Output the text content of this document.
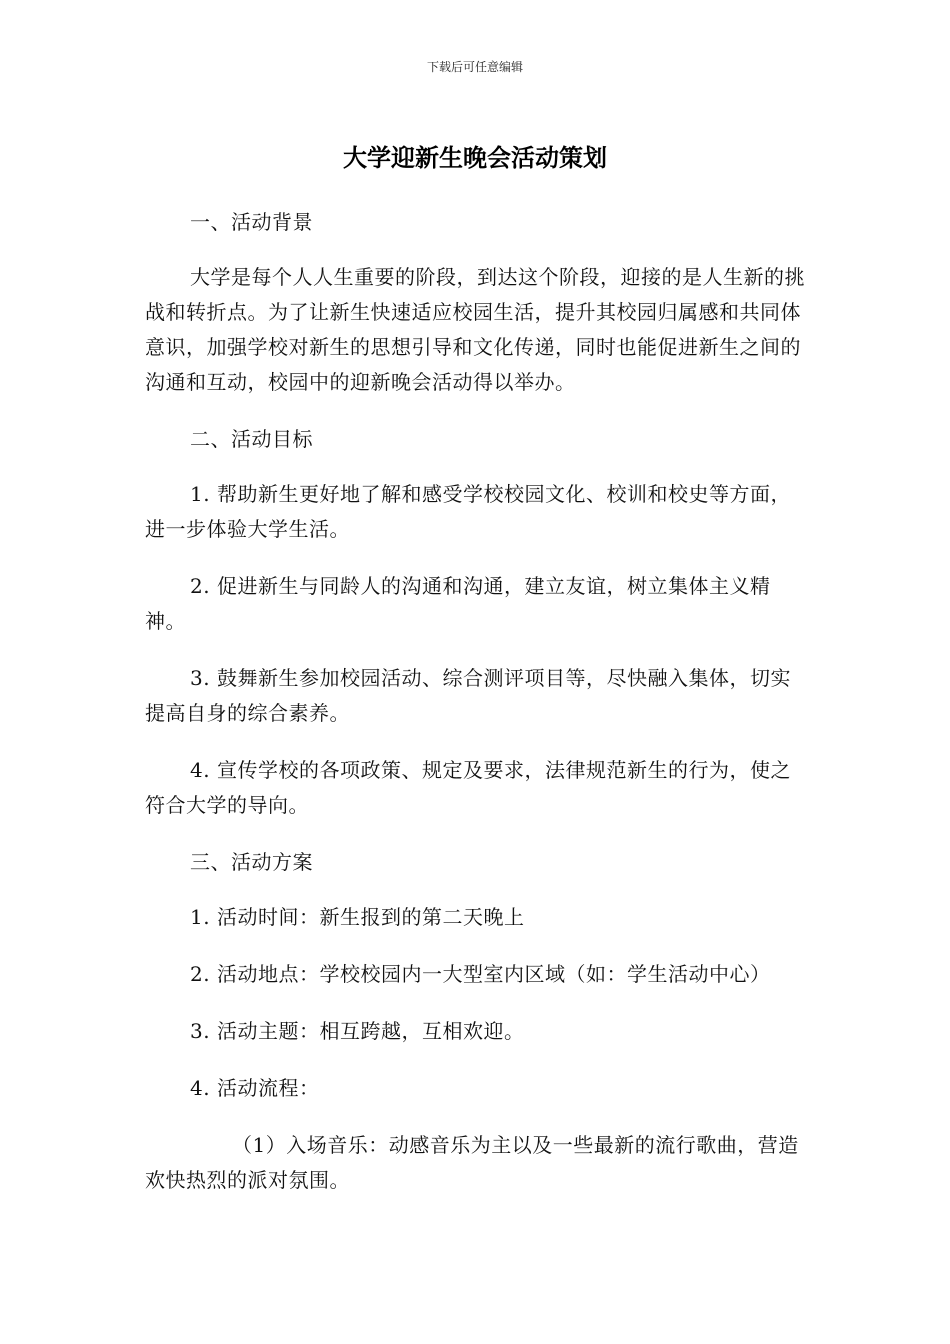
下载后可任意编辑
大学迎新生晚会活动策划

一、活动背景

大学是每个人人生重要的阶段，到达这个阶段，迎接的是人生新的挑战和转折点。为了让新生快速适应校园生活，提升其校园归属感和共同体意识，加强学校对新生的思想引导和文化传递，同时也能促进新生之间的沟通和互动，校园中的迎新晚会活动得以举办。

二、活动目标

1. 帮助新生更好地了解和感受学校校园文化、校训和校史等方面，进一步体验大学生活。

2. 促进新生与同龄人的沟通和沟通，建立友谊，树立集体主义精神。

3. 鼓舞新生参加校园活动、综合测评项目等，尽快融入集体，切实提高自身的综合素养。

4. 宣传学校的各项政策、规定及要求，法律规范新生的行为，使之符合大学的导向。

三、活动方案

1. 活动时间：新生报到的第二天晚上

2. 活动地点：学校校园内一大型室内区域（如：学生活动中心）

3. 活动主题：相互跨越，互相欢迎。

4. 活动流程：

（1）入场音乐：动感音乐为主以及一些最新的流行歌曲，营造欢快热烈的派对氛围。
